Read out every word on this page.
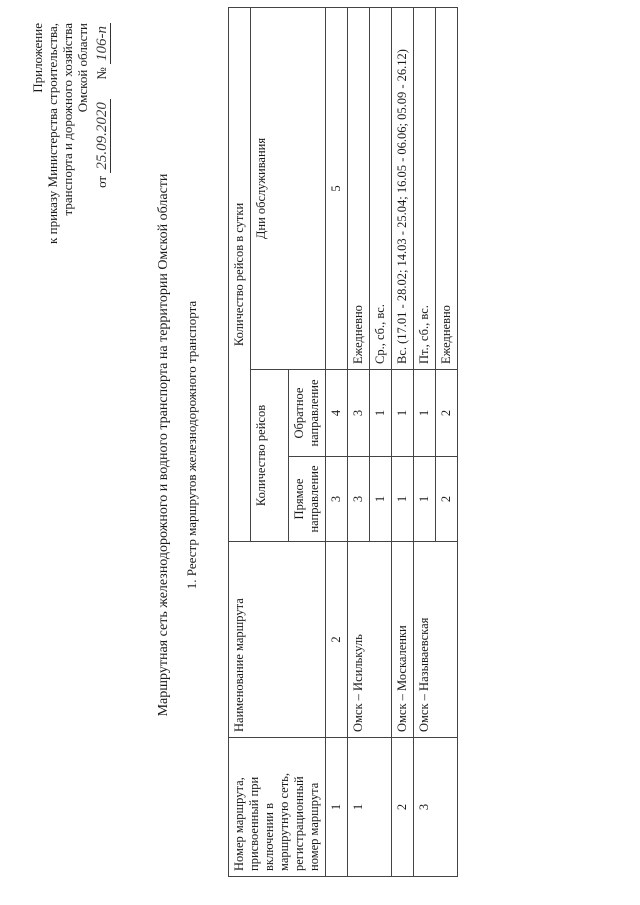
Приложение к приказу Министерства строительства, транспорта и дорожного хозяйства Омской области
от 25.09.2020      № 106-п
Маршрутная сеть железнодорожного и водного транспорта на территории Омской области 1. Реестр маршрутов железнодорожного транспорта
Номер маршрута, присвоенный при включении в маршрутную сеть, регистрационный номер маршрута	Наименование маршрута	Количество рейсов в сутки		
		Количество рейсов		Дни обслуживания
		Прямое направление	Обратное направление	
1	2	3	4	5
1	Омск – Исилькуль	3	3	Ежедневно
		1	1	Ср., сб., вс.
2	Омск – Москаленки	1	1	Вс. (17.01 - 28.02; 14.03 - 25.04; 16.05 - 06.06; 05.09 - 26.12)
3	Омск – Называевская	1	1	Пт., сб., вс.
		2	2	Ежедневно
